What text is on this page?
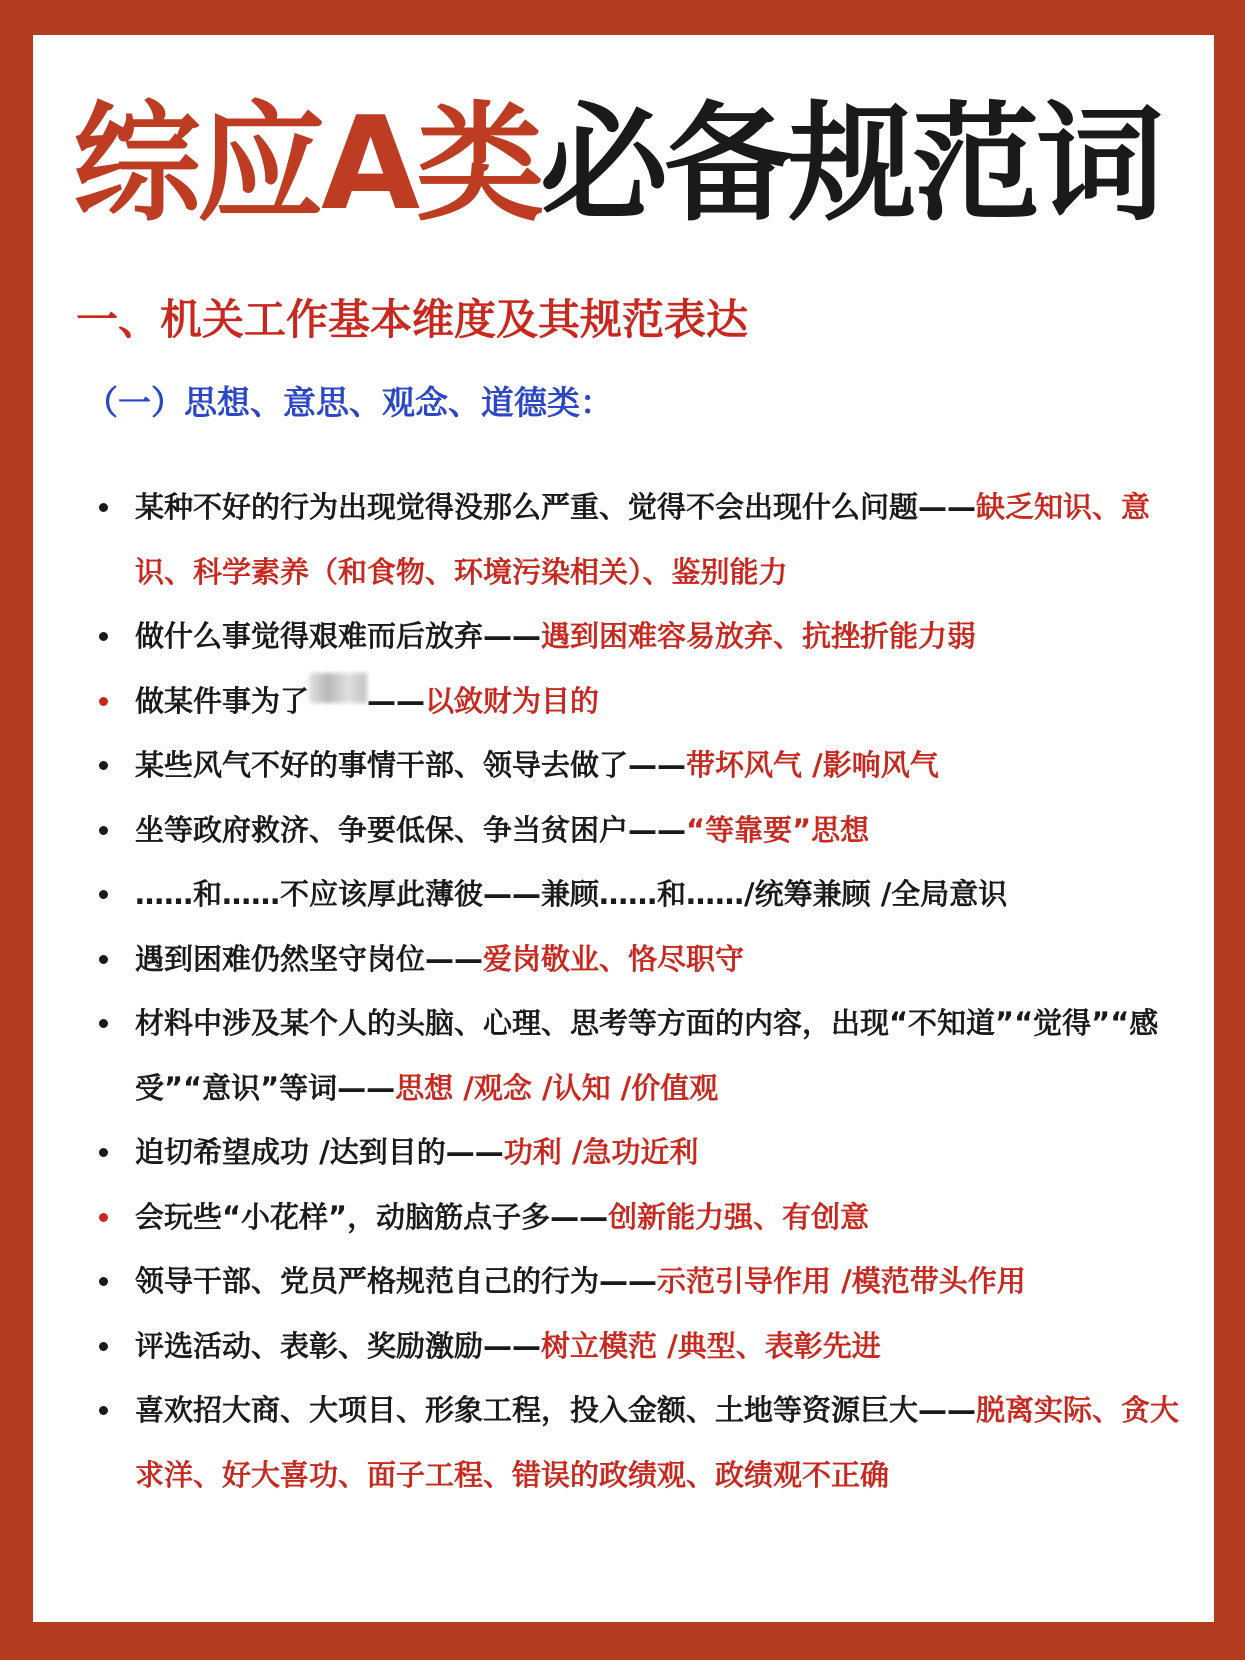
综应A类必备规范词
一、机关工作基本维度及其规范表达
（一）思想、意思、观念、道德类：
某种不好的行为出现觉得没那么严重、觉得不会出现什么问题——缺乏知识、意识、科学素养（和食物、环境污染相关）、鉴别能力
做什么事觉得艰难而后放弃——遇到困难容易放弃、抗挫折能力弱
做某件事为了 ——以敛财为目的
某些风气不好的事情干部、领导去做了——带坏风气 /影响风气
坐等政府救济、争要低保、争当贫困户——“等靠要”思想
……和……不应该厚此薄彼——兼顾……和……/统筹兼顾 /全局意识
遇到困难仍然坚守岗位——爱岗敬业、恪尽职守
材料中涉及某个人的头脑、心理、思考等方面的内容，出现“不知道”“觉得”“感受”“意识”等词——思想 /观念 /认知 /价值观
迫切希望成功 /达到目的——功利 /急功近利
会玩些“小花样”，动脑筋点子多——创新能力强、有创意
领导干部、党员严格规范自己的行为——示范引导作用 /模范带头作用
评选活动、表彰、奖励激励——树立模范 /典型、表彰先进
喜欢招大商、大项目、形象工程，投入金额、土地等资源巨大——脱离实际、贪大求洋、好大喜功、面子工程、错误的政绩观、政绩观不正确
